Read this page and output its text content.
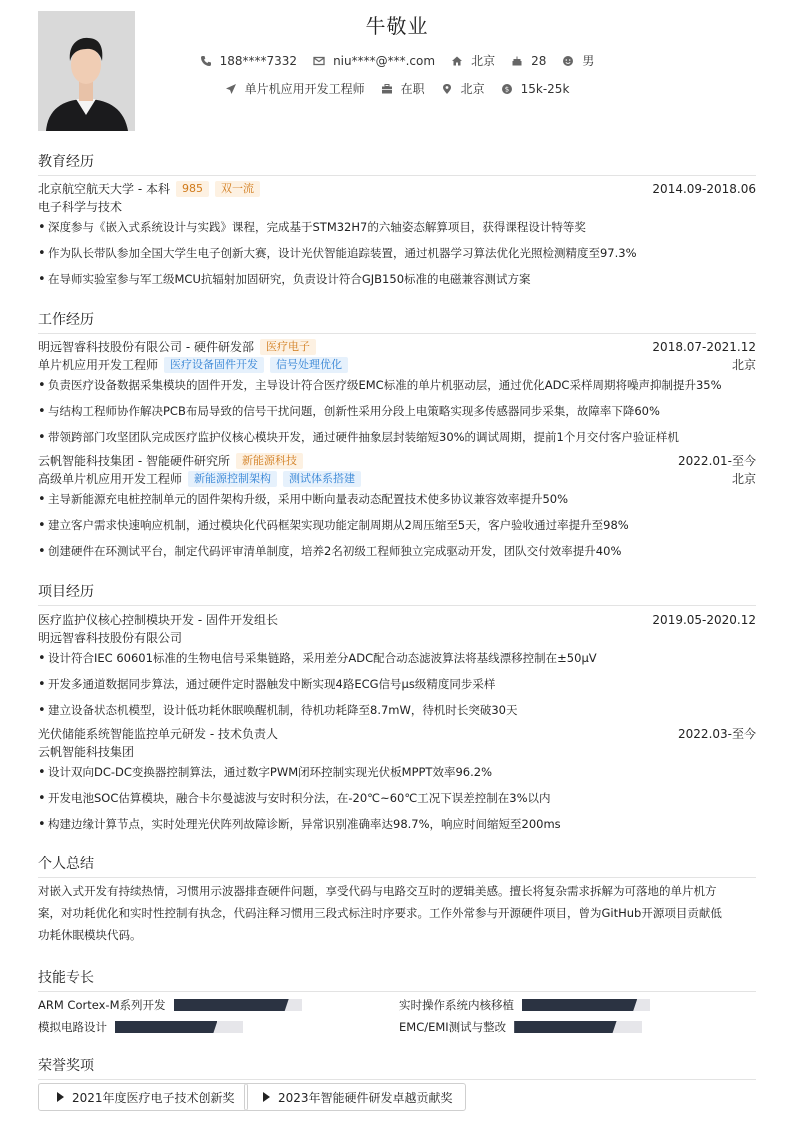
牛敬业
188****7332	niu****@***.com	北京	28	男
单片机应用开发工程师	在职	北京	$ 15k-25k
教育经历
北京航空航天大学 - 本科	985	双一流	2014.09-2018.06
电子科学与技术
• 深度参与《嵌入式系统设计与实践》课程，完成基于STM32H7的六轴姿态解算项目，获得课程设计特等奖
• 作为队长带队参加全国大学生电子创新大赛，设计光伏智能追踪装置，通过机器学习算法优化光照检测精度至97.3%
• 在导师实验室参与军工级MCU抗辐射加固研究，负责设计符合GJB150标准的电磁兼容测试方案
工作经历
明远智睿科技股份有限公司 - 硬件研发部	医疗电子	2018.07-2021.12
单片机应用开发工程师	医疗设备固件开发	信号处理优化	北京
• 负责医疗设备数据采集模块的固件开发，主导设计符合医疗级EMC标准的单片机驱动层，通过优化ADC采样周期将噪声抑制提升35%
• 与结构工程师协作解决PCB布局导致的信号干扰问题，创新性采用分段上电策略实现多传感器同步采集，故障率下降60%
• 带领跨部门攻坚团队完成医疗监护仪核心模块开发，通过硬件抽象层封装缩短30%的调试周期，提前1个月交付客户验证样机
云帆智能科技集团 - 智能硬件研究所	新能源科技	2022.01-至今
高级单片机应用开发工程师	新能源控制架构	测试体系搭建	北京
• 主导新能源充电桩控制单元的固件架构升级，采用中断向量表动态配置技术使多协议兼容效率提升50%
• 建立客户需求快速响应机制，通过模块化代码框架实现功能定制周期从2周压缩至5天，客户验收通过率提升至98%
• 创建硬件在环测试平台，制定代码评审清单制度，培养2名初级工程师独立完成驱动开发，团队交付效率提升40%
项目经历
医疗监护仪核心控制模块开发 - 固件开发组长	2019.05-2020.12
明远智睿科技股份有限公司
• 设计符合IEC 60601标准的生物电信号采集链路，采用差分ADC配合动态滤波算法将基线漂移控制在±50μV
• 开发多通道数据同步算法，通过硬件定时器触发中断实现4路ECG信号μs级精度同步采样
• 建立设备状态机模型，设计低功耗休眠唤醒机制，待机功耗降至8.7mW，待机时长突破30天
光伏储能系统智能监控单元研发 - 技术负责人	2022.03-至今
云帆智能科技集团
• 设计双向DC-DC变换器控制算法，通过数字PWM闭环控制实现光伏板MPPT效率96.2%
• 开发电池SOC估算模块，融合卡尔曼滤波与安时积分法，在-20℃~60℃工况下误差控制在3%以内
• 构建边缘计算节点，实时处理光伏阵列故障诊断，异常识别准确率达98.7%，响应时间缩短至200ms
个人总结
对嵌入式开发有持续热情，习惯用示波器排查硬件问题，享受代码与电路交互时的逻辑美感。擅长将复杂需求拆解为可落地的单片机方
案，对功耗优化和实时性控制有执念，代码注释习惯用三段式标注时序要求。工作外常参与开源硬件项目，曾为GitHub开源项目贡献低
功耗休眠模块代码。
技能专长
ARM Cortex-M系列开发	实时操作系统内核移植
模拟电路设计	EMC/EMI测试与整改
荣誉奖项
2021年度医疗电子技术创新奖	2023年智能硬件研发卓越贡献奖
